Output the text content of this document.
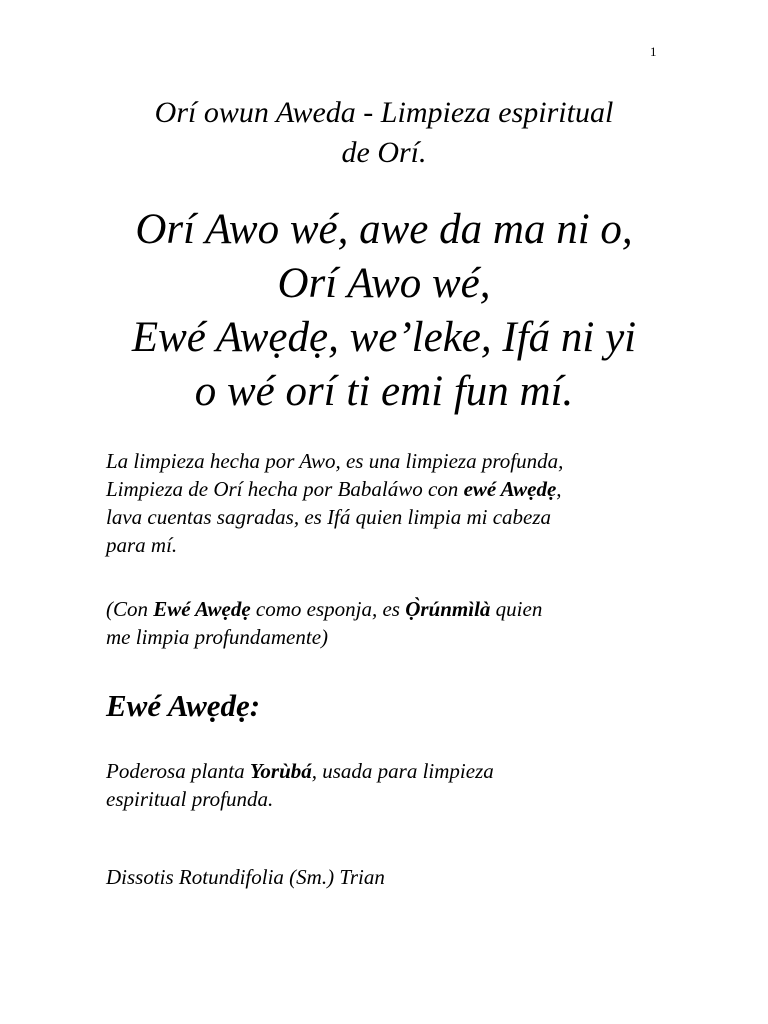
1
Orí owun Aweda - Limpieza espiritual
de Orí.
Orí Awo wé, awe da ma ni o,
Orí Awo wé,
Ewé Awẹdẹ, we’leke, Ifá ni yi
o wé orí ti emi fun mí.
La limpieza hecha por Awo, es una limpieza profunda,
Limpieza de Orí hecha por Babaláwo con ewé Awẹdẹ,
lava cuentas sagradas, es Ifá quien limpia mi cabeza
para mí.
(Con Ewé Awẹdẹ como esponja, es Ọ̀rúnmìlà quien
me limpia profundamente)
Ewé Awẹdẹ:
Poderosa planta Yorùbá, usada para limpieza
espiritual profunda.
Dissotis Rotundifolia (Sm.) Trian
